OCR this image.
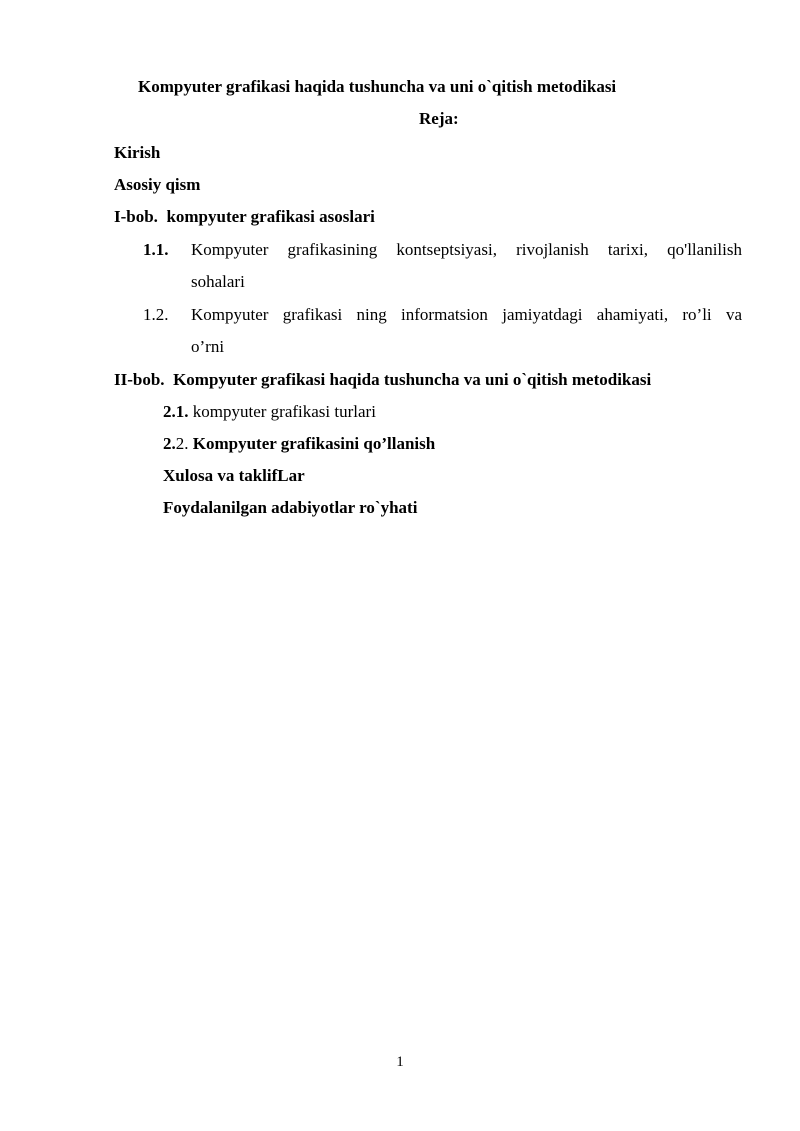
Kompyuter grafikasi haqida tushuncha va uni o`qitish metodikasi
Reja:
Kirish
Asosiy qism
I-bob. kompyuter grafikasi asoslari
1.1. Kompyuter grafikasining kontseptsiyasi, rivojlanish tarixi, qo'llanilish
sohalari
1.2. Kompyuter grafikasi ning informatsion jamiyatdagi ahamiyati, ro’li va
o’rni
II-bob. Kompyuter grafikasi haqida tushuncha va uni o`qitish metodikasi
2.1. kompyuter grafikasi turlari
2.2. Kompyuter grafikasini qo’llanish
Xulosa va taklifLar
Foydalanilgan adabiyotlar ro`yhati
1
